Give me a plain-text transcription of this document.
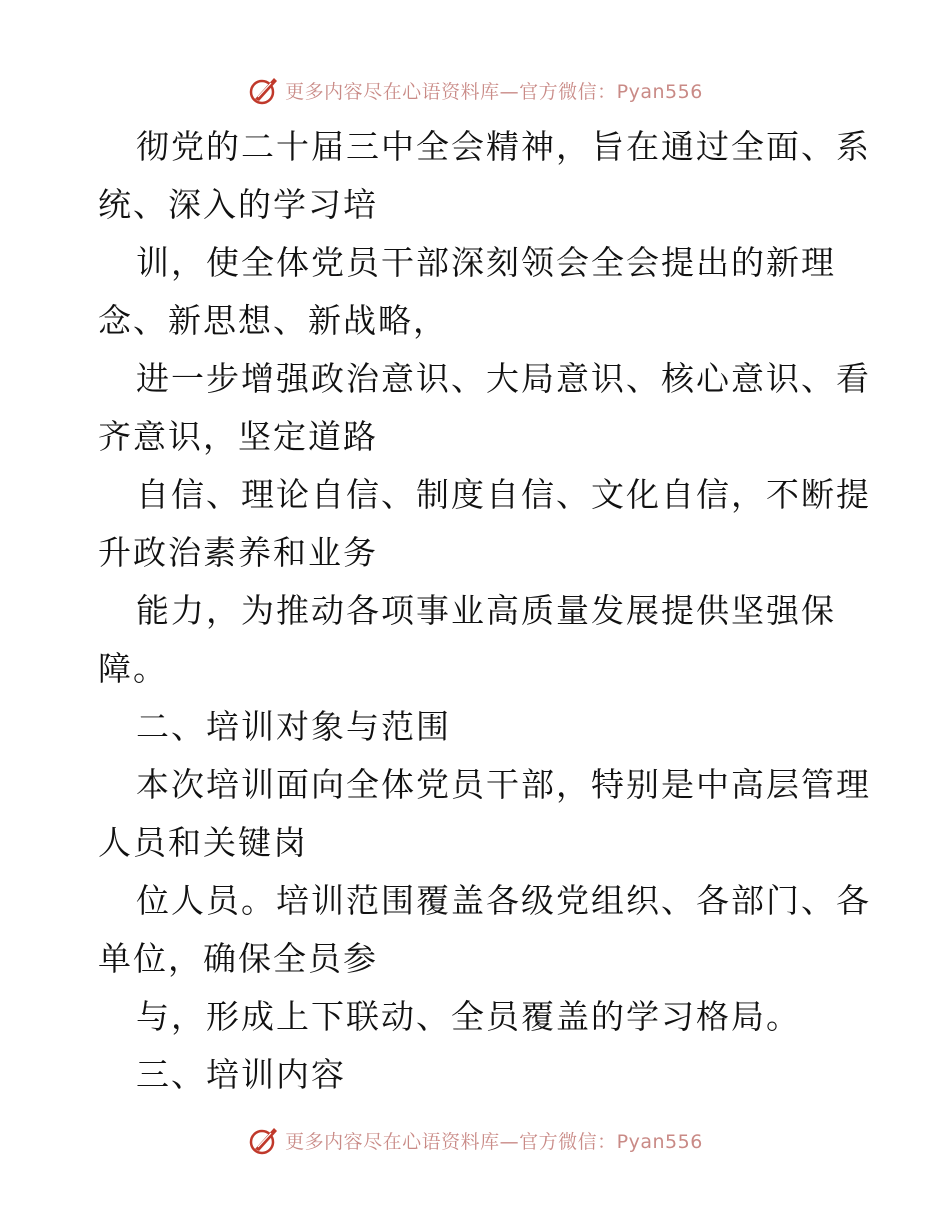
更多内容尽在心语资料库—官方微信：Pyan556
彻党的二十届三中全会精神，旨在通过全面、系
统、深入的学习培
训，使全体党员干部深刻领会全会提出的新理
念、新思想、新战略，
进一步增强政治意识、大局意识、核心意识、看
齐意识，坚定道路
自信、理论自信、制度自信、文化自信，不断提
升政治素养和业务
能力，为推动各项事业高质量发展提供坚强保
障。
二、培训对象与范围
本次培训面向全体党员干部，特别是中高层管理
人员和关键岗
位人员。培训范围覆盖各级党组织、各部门、各
单位，确保全员参
与，形成上下联动、全员覆盖的学习格局。
三、培训内容
更多内容尽在心语资料库—官方微信：Pyan556
